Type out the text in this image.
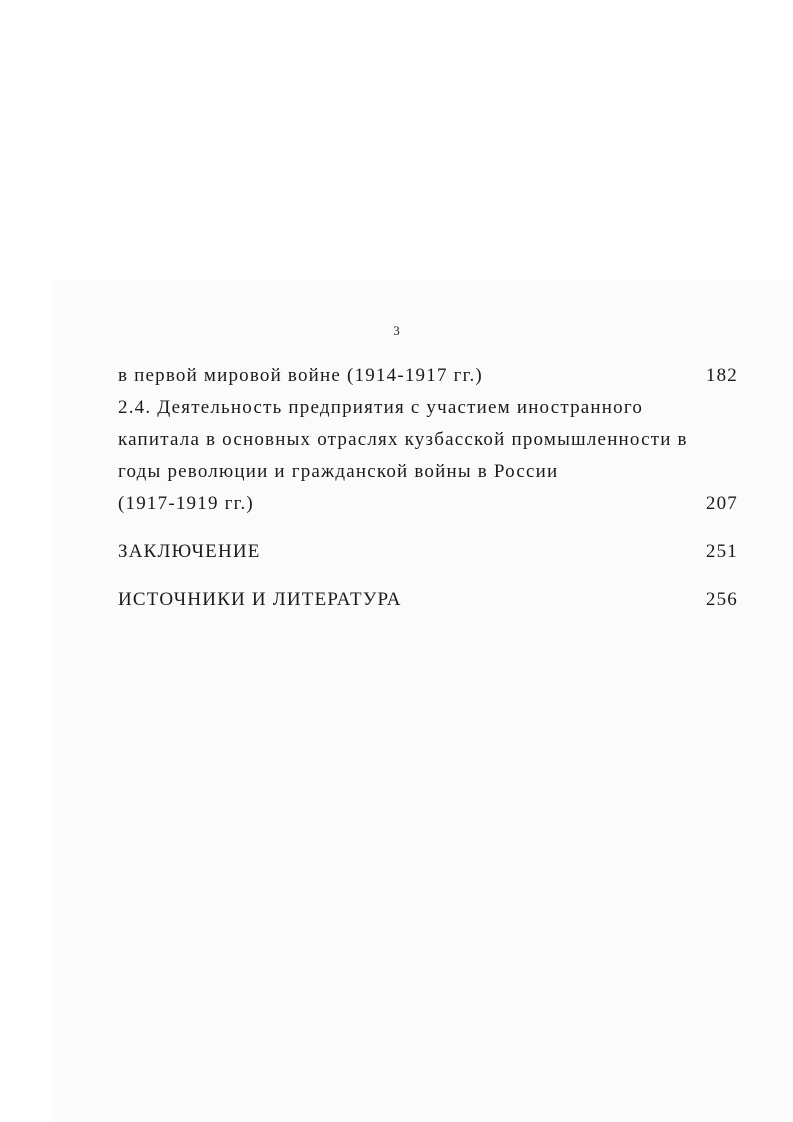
3
в первой мировой войне (1914-1917 гг.)	182
2.4. Деятельность предприятия с участием иностранного
капитала в основных отраслях кузбасской промышленности в
годы революции и гражданской войны в России
(1917-1919 гг.)	207
ЗАКЛЮЧЕНИЕ	251
ИСТОЧНИКИ И ЛИТЕРАТУРА	256
